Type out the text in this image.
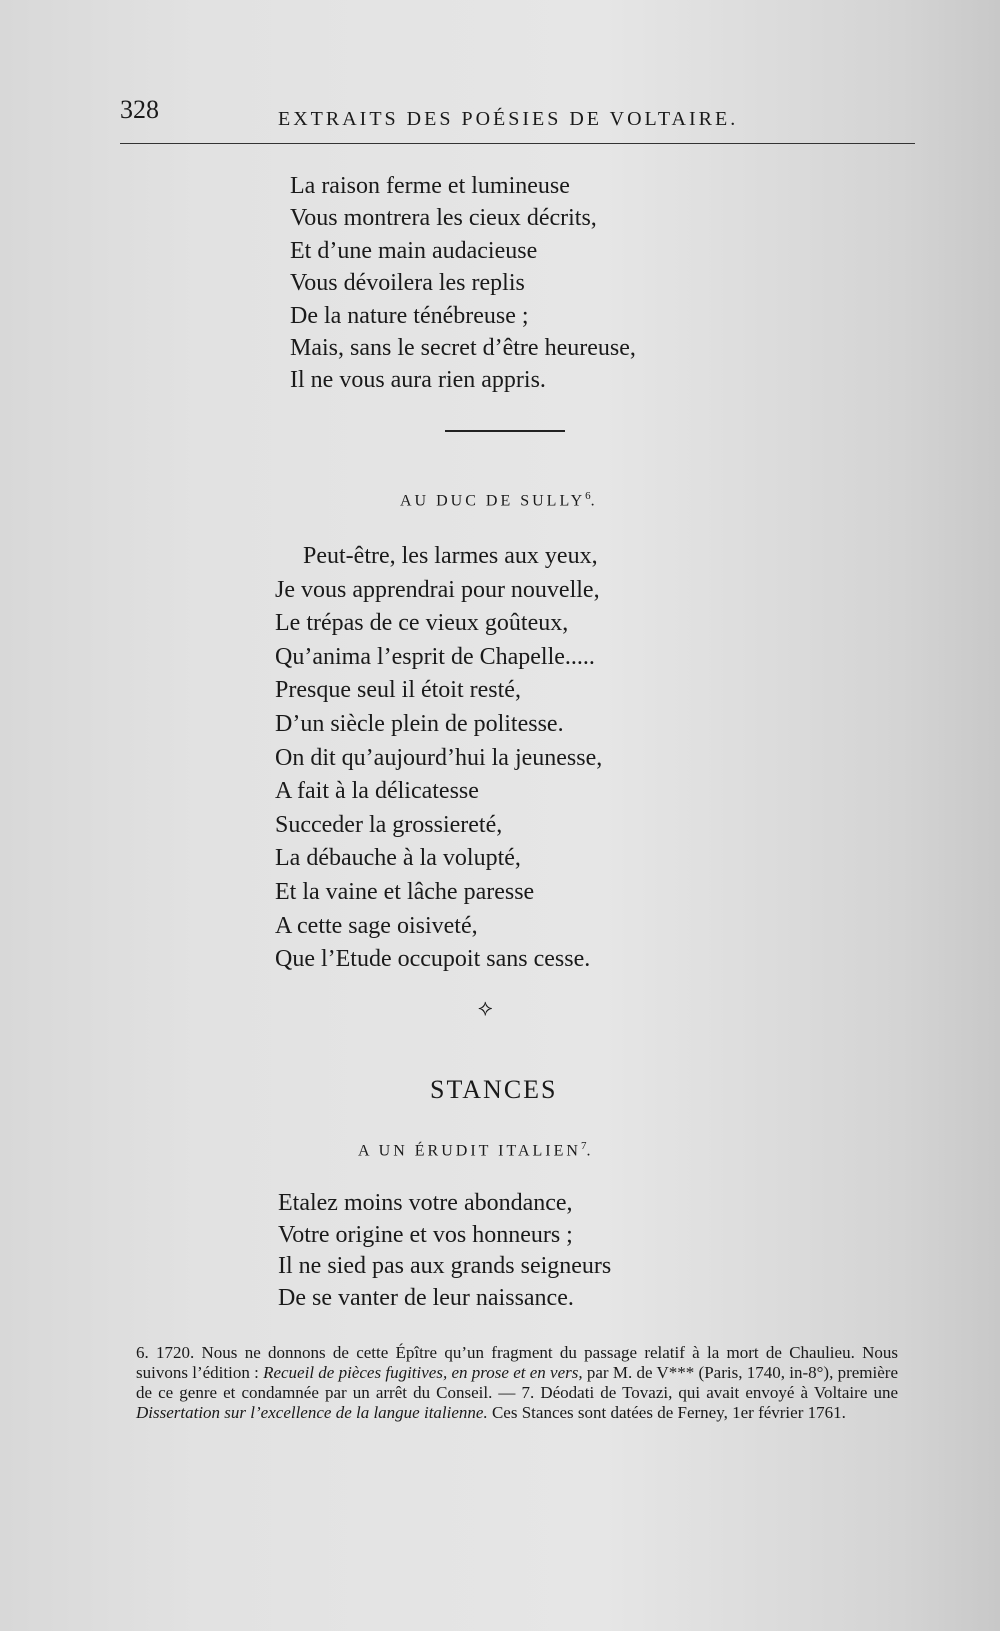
328	EXTRAITS DES POÉSIES DE VOLTAIRE.
La raison ferme et lumineuse
Vous montrera les cieux décrits,
Et d’une main audacieuse
Vous dévoilera les replis
De la nature ténébreuse ;
Mais, sans le secret d’être heureuse,
Il ne vous aura rien appris.
AU DUC DE SULLY$^6$.
Peut-être, les larmes aux yeux,
Je vous apprendrai pour nouvelle,
Le trépas de ce vieux goûteux,
Qu’anima l’esprit de Chapelle.....
Presque seul il étoit resté,
D’un siècle plein de politesse.
On dit qu’aujourd’hui la jeunesse,
A fait à la délicatesse
Succeder la grossiereté,
La débauche à la volupté,
Et la vaine et lâche paresse
A cette sage oisiveté,
Que l’Etude occupoit sans cesse.
⟡
STANCES
A UN ÉRUDIT ITALIEN$^7$.
Etalez moins votre abondance,
Votre origine et vos honneurs ;
Il ne sied pas aux grands seigneurs
De se vanter de leur naissance.

6. 1720. Nous ne donnons de cette Épître qu’un fragment du passage relatif à la mort de Chaulieu. Nous suivons l’édition : Recueil de pièces fugitives, en prose et en vers, par M. de V*** (Paris, 1740, in-8°), première de ce genre et condamnée par un arrêt du Conseil. — 7. Déodati de Tovazi, qui avait envoyé à Voltaire une Dissertation sur l’excellence de la langue italienne. Ces Stances sont datées de Ferney, 1er février 1761.
